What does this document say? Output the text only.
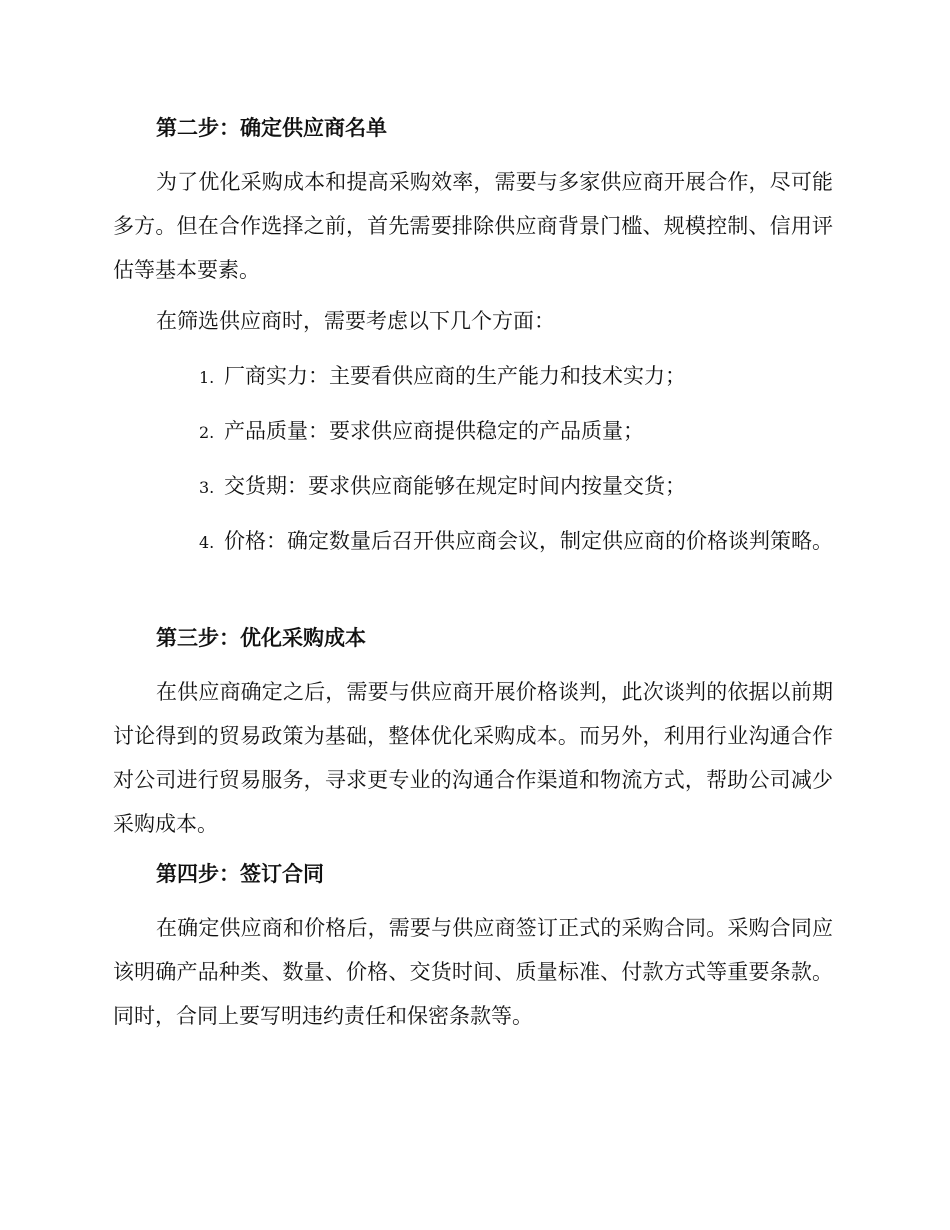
第二步：确定供应商名单

为了优化采购成本和提高采购效率，需要与多家供应商开展合作，尽可能多方。但在合作选择之前，首先需要排除供应商背景门槛、规模控制、信用评估等基本要素。

在筛选供应商时，需要考虑以下几个方面：

1. 厂商实力：主要看供应商的生产能力和技术实力；

2. 产品质量：要求供应商提供稳定的产品质量；

3. 交货期：要求供应商能够在规定时间内按量交货；

4. 价格：确定数量后召开供应商会议，制定供应商的价格谈判策略。

第三步：优化采购成本

在供应商确定之后，需要与供应商开展价格谈判，此次谈判的依据以前期讨论得到的贸易政策为基础，整体优化采购成本。而另外，利用行业沟通合作对公司进行贸易服务，寻求更专业的沟通合作渠道和物流方式，帮助公司减少采购成本。

第四步：签订合同

在确定供应商和价格后，需要与供应商签订正式的采购合同。采购合同应该明确产品种类、数量、价格、交货时间、质量标准、付款方式等重要条款。同时，合同上要写明违约责任和保密条款等。
